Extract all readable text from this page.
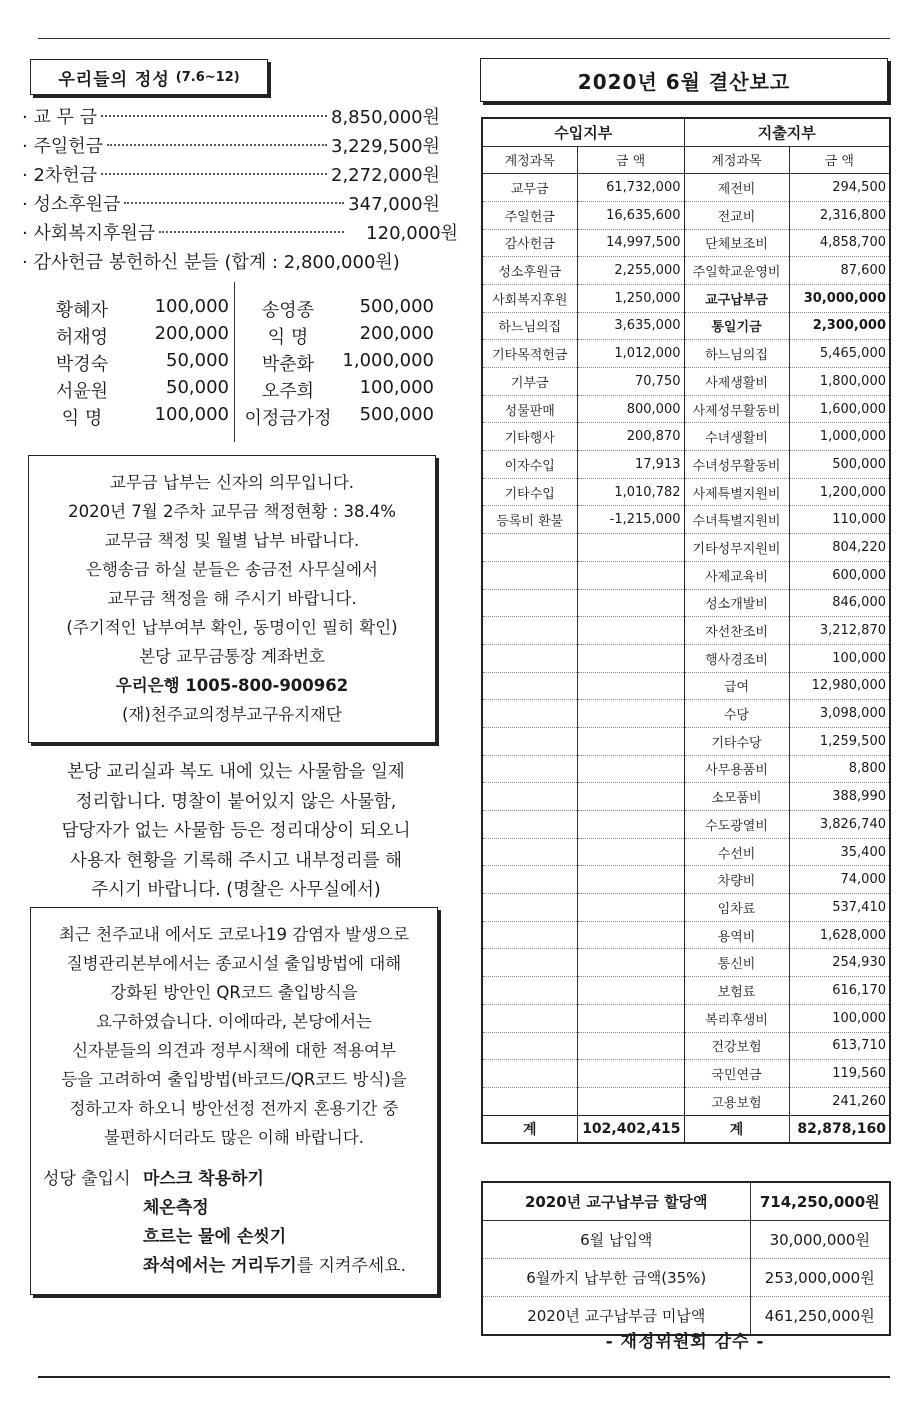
우리들의 정성 (7.6~12)
· 교 무 금	8,850,000원
· 주일헌금	3,229,500원
· 2차헌금	2,272,000원
· 성소후원금	347,000원
· 사회복지후원금	120,000원
· 감사헌금 봉헌하신 분들 (합계 : 2,800,000원)
황혜자	100,000	송영종	500,000
허재영	200,000	익 명	200,000
박경숙	50,000	박춘화	1,000,000
서윤원	50,000	오주희	100,000
익 명	100,000 이정금가정	500,000
교무금 납부는 신자의 의무입니다.
2020년 7월 2주차 교무금 책정현황 : 38.4%
교무금 책정 및 월별 납부 바랍니다.
은행송금 하실 분들은 송금전 사무실에서
교무금 책정을 해 주시기 바랍니다.
(주기적인 납부여부 확인, 동명이인 필히 확인)
본당 교무금통장 계좌번호
우리은행 1005-800-900962
(재)천주교의정부교구유지재단
본당 교리실과 복도 내에 있는 사물함을 일제
정리합니다. 명찰이 붙어있지 않은 사물함,
담당자가 없는 사물함 등은 정리대상이 되오니
사용자 현황을 기록해 주시고 내부정리를 해
주시기 바랍니다. (명찰은 사무실에서)
최근 천주교내 에서도 코로나19 감염자 발생으로
질병관리본부에서는 종교시설 출입방법에 대해
강화된 방안인 QR코드 출입방식을
요구하였습니다. 이에따라, 본당에서는
신자분들의 의견과 정부시책에 대한 적용여부
등을 고려하여 출입방법(바코드/QR코드 방식)을
정하고자 하오니 방안선정 전까지 혼용기간 중
불편하시더라도 많은 이해 바랍니다.
성당 출입시 마스크 착용하기
체온측정
흐르는 물에 손씻기
좌석에서는 거리두기를 지켜주세요.
2020년 6월 결산보고
수입지부		지출지부	
계정과목	금 액	계정과목	금 액
교무금	61,732,000	제전비	294,500
주일헌금	16,635,600	전교비	2,316,800
감사헌금	14,997,500	단체보조비	4,858,700
성소후원금	2,255,000	주일학교운영비	87,600
사회복지후원	1,250,000	교구납부금	30,000,000
하느님의집	3,635,000	통일기금	2,300,000
기타목적헌금	1,012,000	하느님의집	5,465,000
기부금	70,750	사제생활비	1,800,000
성물판매	800,000	사제성무활동비	1,600,000
기타행사	200,870	수녀생활비	1,000,000
이자수입	17,913	수녀성무활동비	500,000
기타수입	1,010,782	사제특별지원비	1,200,000
등록비 환불	-1,215,000	수녀특별지원비	110,000
		기타성무지원비	804,220
		사제교육비	600,000
		성소개발비	846,000
		자선찬조비	3,212,870
		행사경조비	100,000
		급여	12,980,000
		수당	3,098,000
		기타수당	1,259,500
		사무용품비	8,800
		소모품비	388,990
		수도광열비	3,826,740
		수선비	35,400
		차량비	74,000
		임차료	537,410
		용역비	1,628,000
		통신비	254,930
		보험료	616,170
		복리후생비	100,000
		건강보험	613,710
		국민연금	119,560
		고용보험	241,260
계	102,402,415	계	82,878,160
2020년 교구납부금 할당액	714,250,000원
6월 납입액	30,000,000원
6월까지 납부한 금액(35%)	253,000,000원
2020년 교구납부금 미납액	461,250,000원
- 재정위원회 감수 -
